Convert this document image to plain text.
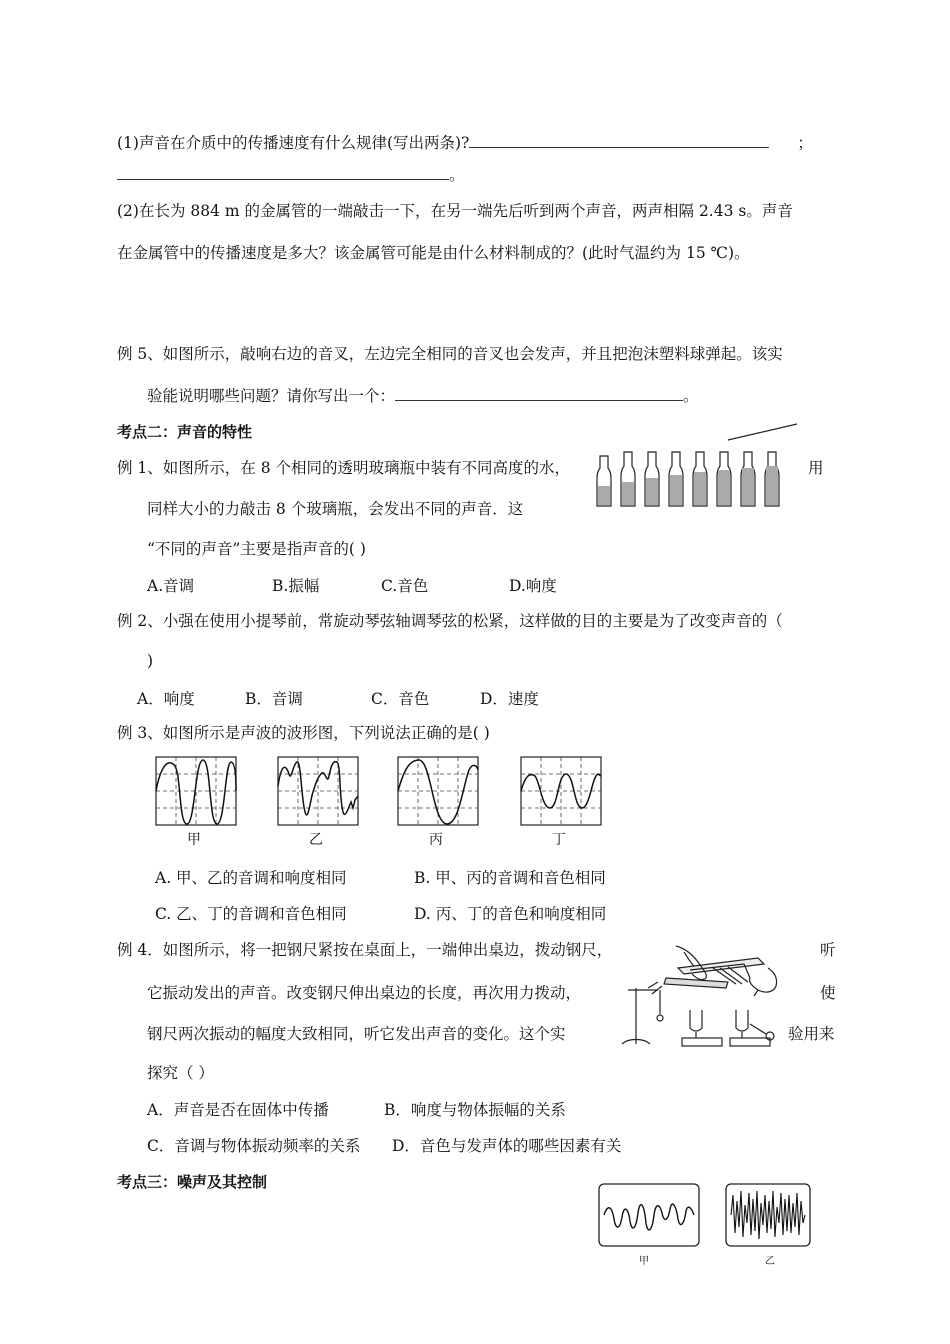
(1)声音在介质中的传播速度有什么规律(写出两条)?	；
。
(2)在长为 884 m 的金属管的一端敲击一下，在另一端先后听到两个声音，两声相隔 2.43 s。声音
在金属管中的传播速度是多大？该金属管可能是由什么材料制成的？(此时气温约为 15 ℃)。
例 5、如图所示，敲响右边的音叉，左边完全相同的音叉也会发声，并且把泡沫塑料球弹起。该实
验能说明哪些问题？请你写出一个：	。
考点二：声音的特性
例 1、如图所示，在 8 个相同的透明玻璃瓶中装有不同高度的水，	用
同样大小的力敲击 8 个玻璃瓶，会发出不同的声音．这
“不同的声音”主要是指声音的( )
A.音调	B.振幅	C.音色	D.响度
例 2、小强在使用小提琴前，常旋动琴弦轴调琴弦的松紧，这样做的目的主要是为了改变声音的（
)
A．响度	B．音调	C．音色	D．速度
例 3、如图所示是声波的波形图，下列说法正确的是( )
甲	乙	丙	丁
A. 甲、乙的音调和响度相同	B. 甲、丙的音调和音色相同
C. 乙、丁的音调和音色相同	D. 丙、丁的音色和响度相同
例 4．如图所示，将一把钢尺紧按在桌面上，一端伸出桌边，拨动钢尺，	听
它振动发出的声音。改变钢尺伸出桌边的长度，再次用力拨动，	使
钢尺两次振动的幅度大致相同，听它发出声音的变化。这个实	验用来
探究（ ）
A．声音是否在固体中传播	B．响度与物体振幅的关系
C．音调与物体振动频率的关系 D．音色与发声体的哪些因素有关
考点三：噪声及其控制
甲	乙
